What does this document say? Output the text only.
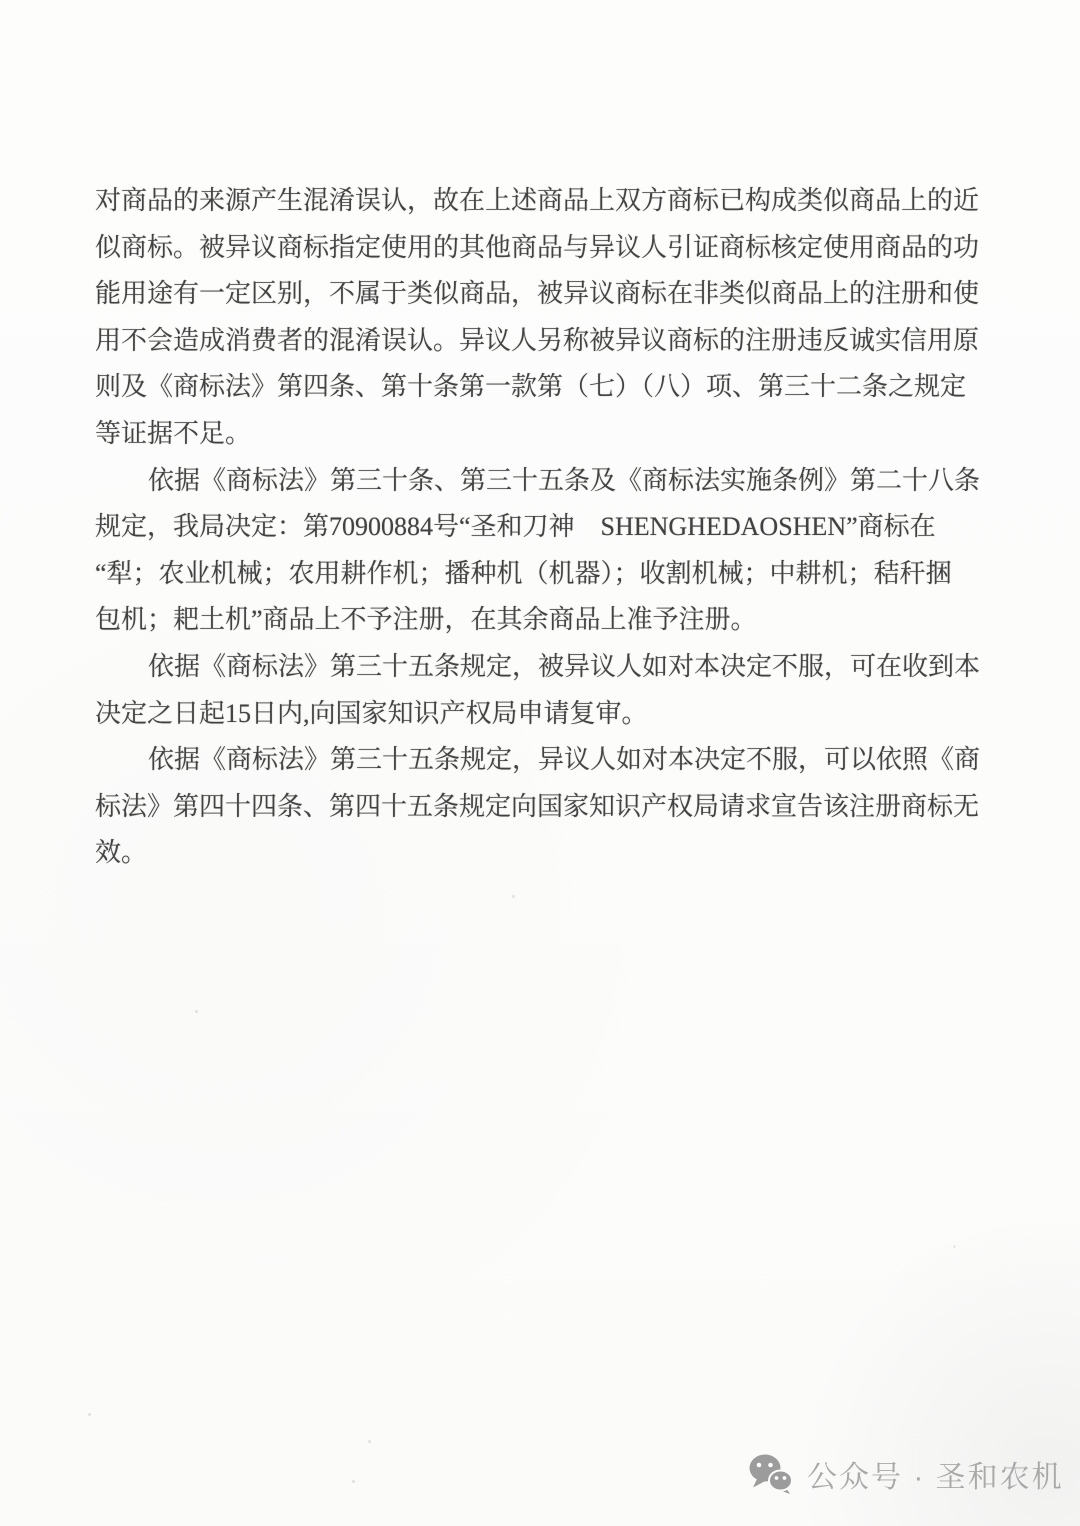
对商品的来源产生混淆误认，故在上述商品上双方商标已构成类似商品上的近
似商标。被异议商标指定使用的其他商品与异议人引证商标核定使用商品的功
能用途有一定区别，不属于类似商品，被异议商标在非类似商品上的注册和使
用不会造成消费者的混淆误认。异议人另称被异议商标的注册违反诚实信用原
则及《商标法》第四条、第十条第一款第（七）（八）项、第三十二条之规定
等证据不足。
依据《商标法》第三十条、第三十五条及《商标法实施条例》第二十八条
规定，我局决定：第70900884号“圣和刀神　SHENGHEDAOSHEN”商标在
“犁；农业机械；农用耕作机；播种机（机器）；收割机械；中耕机；秸秆捆
包机；耙土机”商品上不予注册，在其余商品上准予注册。
依据《商标法》第三十五条规定，被异议人如对本决定不服，可在收到本
决定之日起15日内,向国家知识产权局申请复审。
依据《商标法》第三十五条规定，异议人如对本决定不服，可以依照《商
标法》第四十四条、第四十五条规定向国家知识产权局请求宣告该注册商标无
效。
公众号 · 圣和农机
